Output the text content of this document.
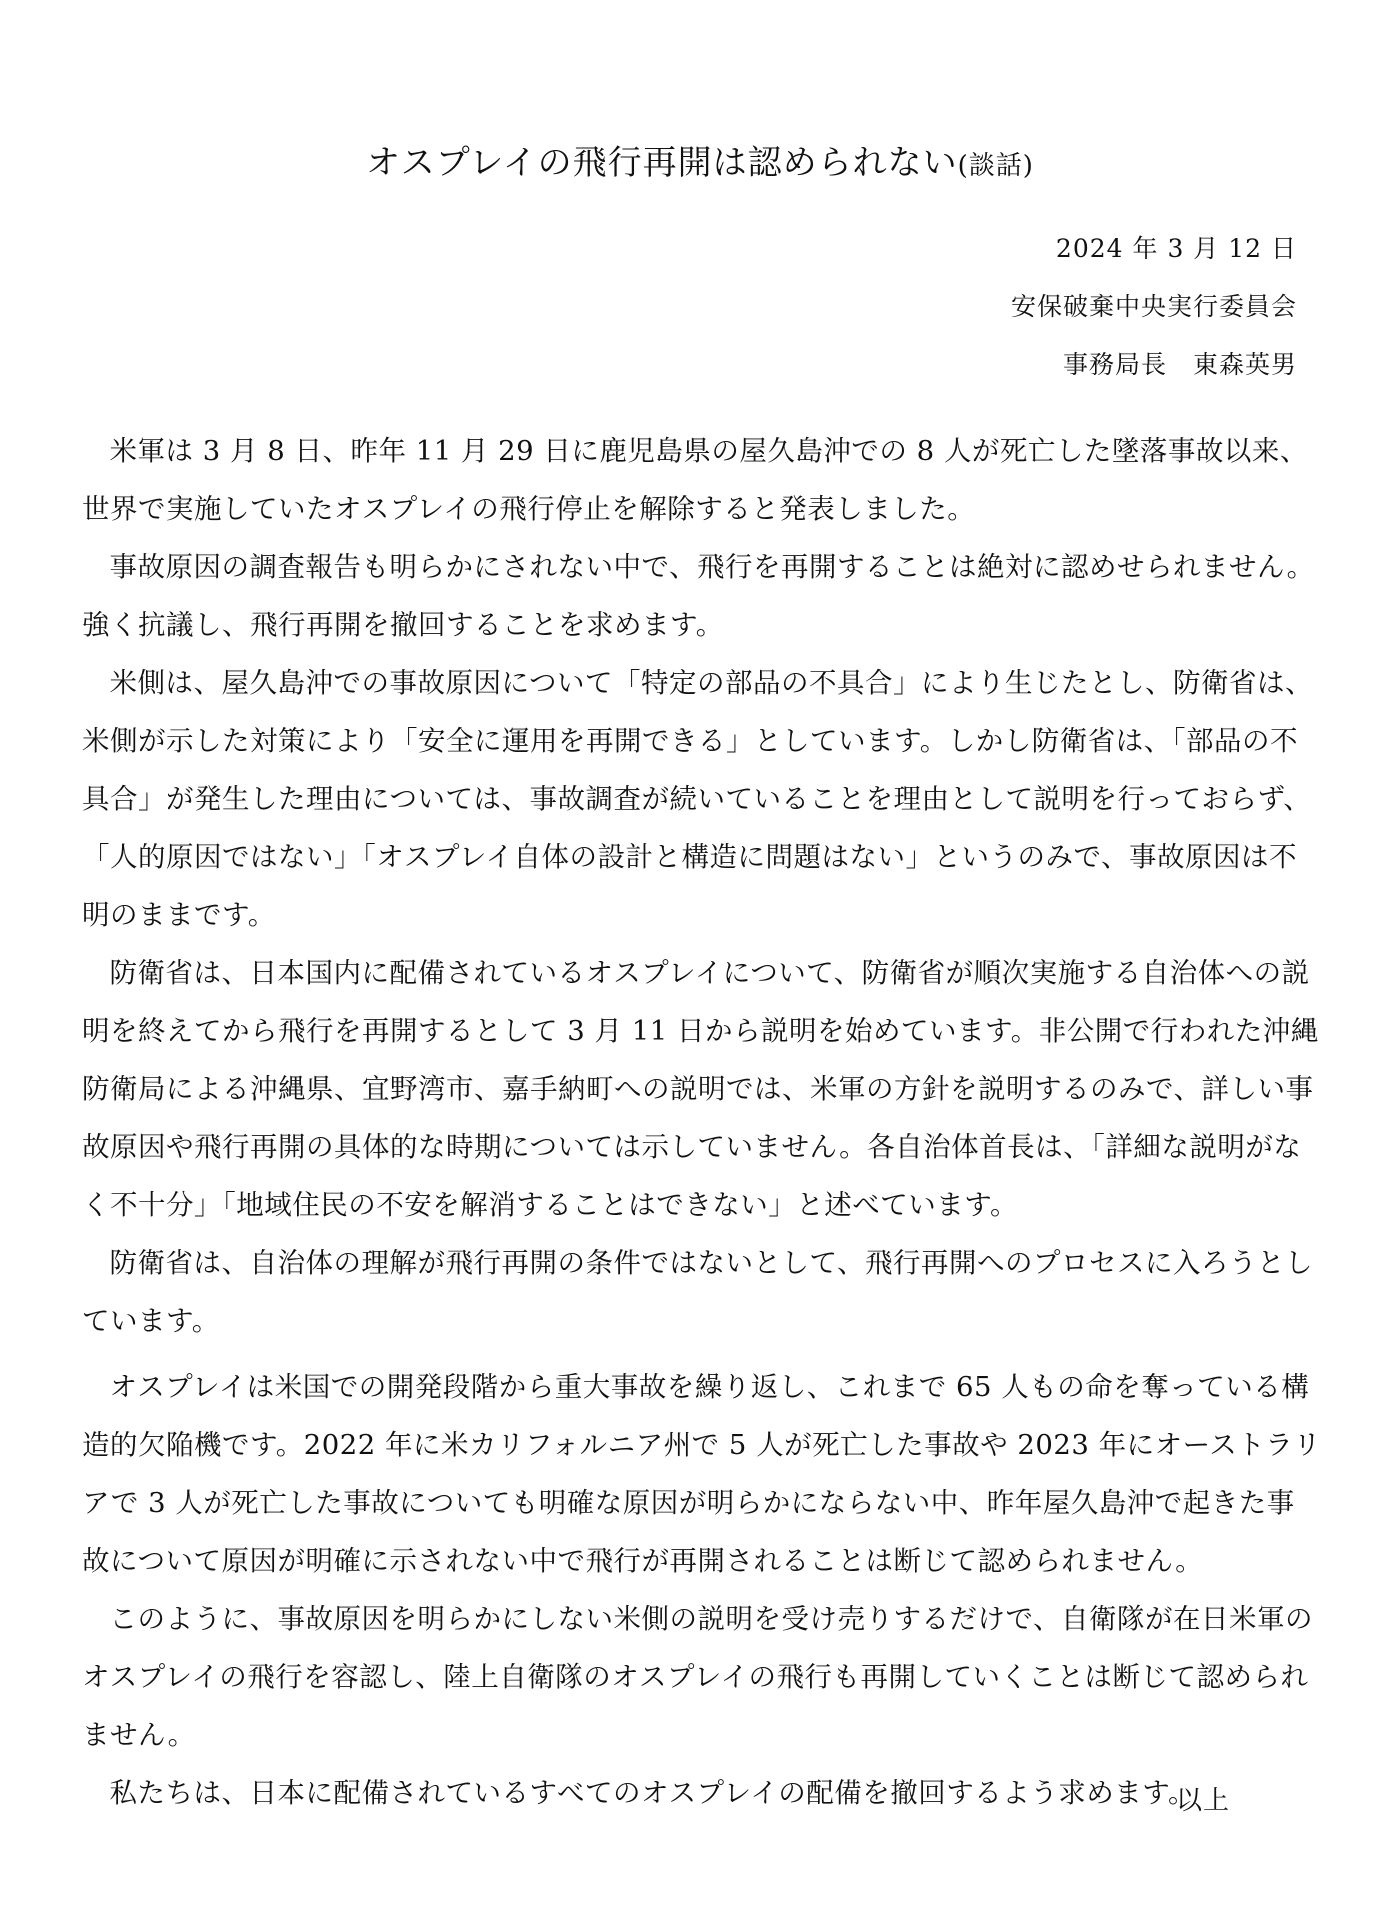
オスプレイの飛行再開は認められない(談話)
2024 年 3 月 12 日
安保破棄中央実行委員会
事務局長　東森英男

米軍は 3 月 8 日、昨年 11 月 29 日に鹿児島県の屋久島沖での 8 人が死亡した墜落事故以来、世界で実施していたオスプレイの飛行停止を解除すると発表しました。

事故原因の調査報告も明らかにされない中で、飛行を再開することは絶対に認めせられません。強く抗議し、飛行再開を撤回することを求めます。

米側は、屋久島沖での事故原因について「特定の部品の不具合」により生じたとし、防衛省は、米側が示した対策により「安全に運用を再開できる」としています。しかし防衛省は、「部品の不具合」が発生した理由については、事故調査が続いていることを理由として説明を行っておらず、「人的原因ではない」「オスプレイ自体の設計と構造に問題はない」というのみで、事故原因は不明のままです。

防衛省は、日本国内に配備されているオスプレイについて、防衛省が順次実施する自治体への説明を終えてから飛行を再開するとして 3 月 11 日から説明を始めています。非公開で行われた沖縄防衛局による沖縄県、宜野湾市、嘉手納町への説明では、米軍の方針を説明するのみで、詳しい事故原因や飛行再開の具体的な時期については示していません。各自治体首長は、「詳細な説明がなく不十分」「地域住民の不安を解消することはできない」と述べています。

防衛省は、自治体の理解が飛行再開の条件ではないとして、飛行再開へのプロセスに入ろうとしています。

オスプレイは米国での開発段階から重大事故を繰り返し、これまで 65 人もの命を奪っている構造的欠陥機です。2022 年に米カリフォルニア州で 5 人が死亡した事故や 2023 年にオーストラリアで 3 人が死亡した事故についても明確な原因が明らかにならない中、昨年屋久島沖で起きた事故について原因が明確に示されない中で飛行が再開されることは断じて認められません。

このように、事故原因を明らかにしない米側の説明を受け売りするだけで、自衛隊が在日米軍のオスプレイの飛行を容認し、陸上自衛隊のオスプレイの飛行も再開していくことは断じて認められません。

私たちは、日本に配備されているすべてのオスプレイの配備を撤回するよう求めます。

以上
